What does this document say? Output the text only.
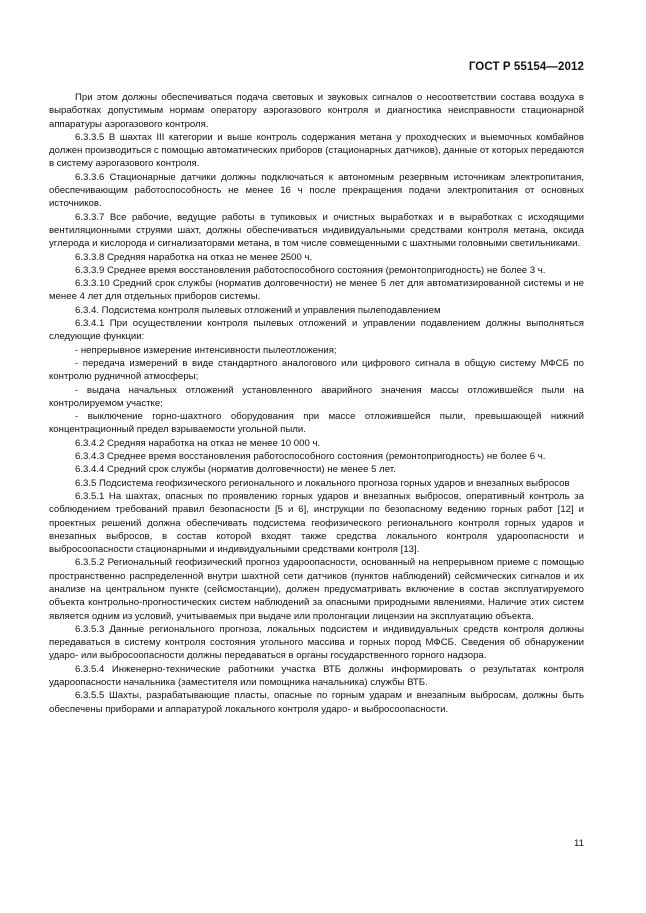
ГОСТ Р 55154—2012

При этом должны обеспечиваться подача световых и звуковых сигналов о несоответствии состава воздуха в выработках допустимым нормам оператору аэрогазового контроля и диагностика неисправности стационарной аппаратуры аэрогазового контроля.

6.3.3.5 В шахтах III категории и выше контроль содержания метана у проходческих и выемочных комбайнов должен производиться с помощью автоматических приборов (стационарных датчиков), данные от которых передаются в систему аэрогазового контроля.

6.3.3.6 Стационарные датчики должны подключаться к автономным резервным источникам электропитания, обеспечивающим работоспособность не менее 16 ч после прекращения подачи электропитания от основных источников.

6.3.3.7 Все рабочие, ведущие работы в тупиковых и очистных выработках и в выработках с исходящими вентиляционными струями шахт, должны обеспечиваться индивидуальными средствами контроля метана, оксида углерода и кислорода и сигнализаторами метана, в том числе совмещенными с шахтными головными светильниками.

6.3.3.8 Средняя наработка на отказ не менее 2500 ч.

6.3.3.9 Среднее время восстановления работоспособного состояния (ремонтопригодность) не более 3 ч.

6.3.3.10 Средний срок службы (норматив долговечности) не менее 5 лет для автоматизированной системы и не менее 4 лет для отдельных приборов системы.

6.3.4. Подсистема контроля пылевых отложений и управления пылеподавлением

6.3.4.1 При осуществлении контроля пылевых отложений и управлении подавлением должны выполняться следующие функции:

- непрерывное измерение интенсивности пылеотложения;

- передача измерений в виде стандартного аналогового или цифрового сигнала в общую систему МФСБ по контролю рудничной атмосферы;

- выдача начальных отложений установленного аварийного значения массы отложившейся пыли на контролируемом участке;

- выключение горно-шахтного оборудования при массе отложившейся пыли, превышающей нижний концентрационный предел взрываемости угольной пыли.

6.3.4.2 Средняя наработка на отказ не менее 10 000 ч.

6.3.4.3 Среднее время восстановления работоспособного состояния (ремонтопригодность) не более 6 ч.

6.3.4.4 Средний срок службы (норматив долговечности) не менее 5 лет.

6.3.5 Подсистема геофизического регионального и локального прогноза горных ударов и внезапных выбросов

6.3.5.1 На шахтах, опасных по проявлению горных ударов и внезапных выбросов, оперативный контроль за соблюдением требований правил безопасности [5 и 6], инструкции по безопасному ведению горных работ [12] и проектных решений должна обеспечивать подсистема геофизического регионального контроля горных ударов и внезапных выбросов, в состав которой входят также средства локального контроля удароопасности и выбросоопасности стационарными и индивидуальными средствами контроля [13].

6.3.5.2 Региональный геофизический прогноз удароопасности, основанный на непрерывном приеме с помощью пространственно распределенной внутри шахтной сети датчиков (пунктов наблюдений) сейсмических сигналов и их анализе на центральном пункте (сейсмостанции), должен предусматривать включение в состав эксплуатируемого объекта контрольно-прогностических систем наблюдений за опасными природными явлениями. Наличие этих систем является одним из условий, учитываемых при выдаче или пролонгации лицензии на эксплуатацию объекта.

6.3.5.3 Данные регионального прогноза, локальных подсистем и индивидуальных средств контроля должны передаваться в систему контроля состояния угольного массива и горных пород МФСБ. Сведения об обнаружении ударо- или выбросоопасности должны передаваться в органы государственного горного надзора.

6.3.5.4 Инженерно-технические работники участка ВТБ должны информировать о результатах контроля удароопасности начальника (заместителя или помощника начальника) службы ВТБ.

6.3.5.5 Шахты, разрабатывающие пласты, опасные по горным ударам и внезапным выбросам, должны быть обеспечены приборами и аппаратурой локального контроля ударо- и выбросоопасности.

11
